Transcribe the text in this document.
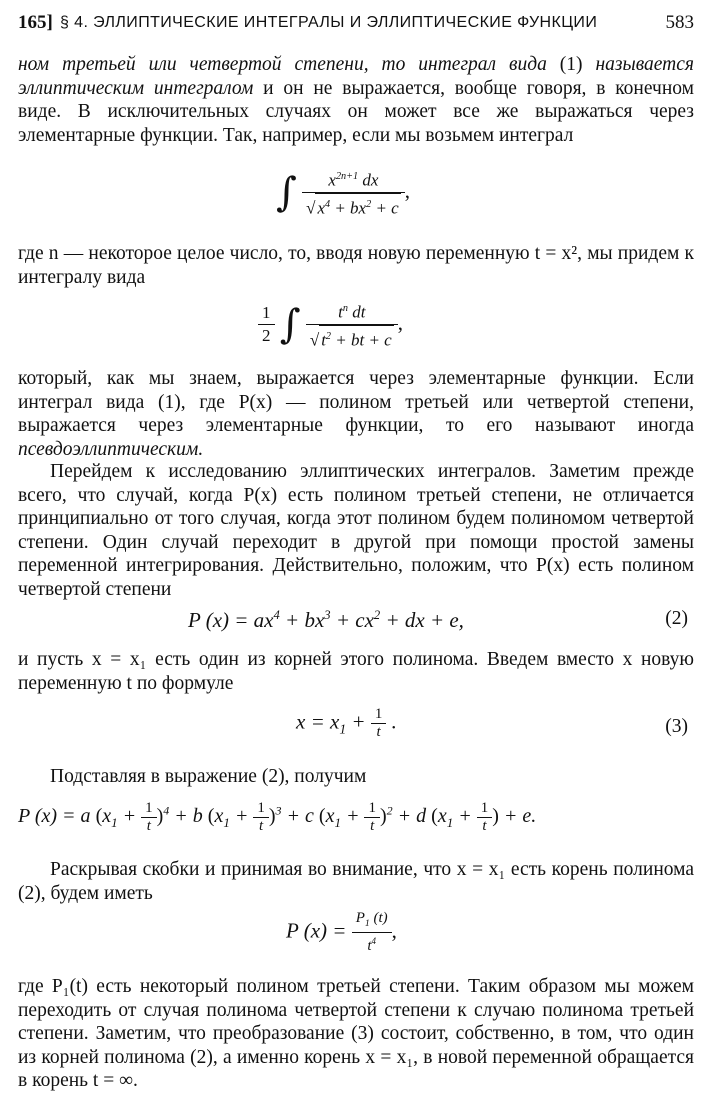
165] § 4. ЭЛЛИПТИЧЕСКИЕ ИНТЕГРАЛЫ И ЭЛЛИПТИЧЕСКИЕ ФУНКЦИИ	583

ном третьей или четвертой степени, то интеграл вида (1) называется эллиптическим интегралом и он не выражается, вообще говоря, в конечном виде. В исключительных случаях он может все же выражаться через элементарные функции. Так, например, если мы возьмем интеграл

∫ $\frac{x^{2n+1} dx}{√ x^4 + bx^2 + c}$ ,

где n — некоторое целое число, то, вводя новую переменную t = x², мы придем к интегралу вида

$\frac{1}{2}$ ∫ $\frac{t^n dt}{√ t^2 + bt + c}$ ,

который, как мы знаем, выражается через элементарные функции. Если интеграл вида (1), где P(x) — полином третьей или четвертой степени, выражается через элементарные функции, то его называют иногда псевдоэллиптическим.

Перейдем к исследованию эллиптических интегралов. Заметим прежде всего, что случай, когда P(x) есть полином третьей степени, не отличается принципиально от того случая, когда этот полином будем полиномом четвертой степени. Один случай переходит в другой при помощи простой замены переменной интегрирования. Действительно, положим, что P(x) есть полином четвертой степени

P $(x) = ax^4 + bx^3 + cx^2$ + dx + e,	(2)

и пусть x = x₁ есть один из корней этого полинома. Введем вместо x новую переменную t по формуле

$x = x_1 + \frac{1}{t}$ .	(3)

Подставляя в выражение (2), получим

P (x) = a $(x_1 + \frac{1}{t} )^4 + b$ $(x_1 + \frac{1}{t} )^3 + c$ $(x_1 + \frac{1}{t} )^2 + d$ ($x_1 + \frac{1}{t}$ ) + e.

Раскрывая скобки и принимая во внимание, что x = x₁ есть корень полинома (2), будем иметь

P $(x) = \frac{P_1 (t)}{t^4}$ ,

где P₁(t) есть некоторый полином третьей степени. Таким образом мы можем переходить от случая полинома четвертой степени к случаю полинома третьей степени. Заметим, что преобразование (3) состоит, собственно, в том, что один из корней полинома (2), а именно корень x = x₁, в новой переменной обращается в корень t = ∞.
